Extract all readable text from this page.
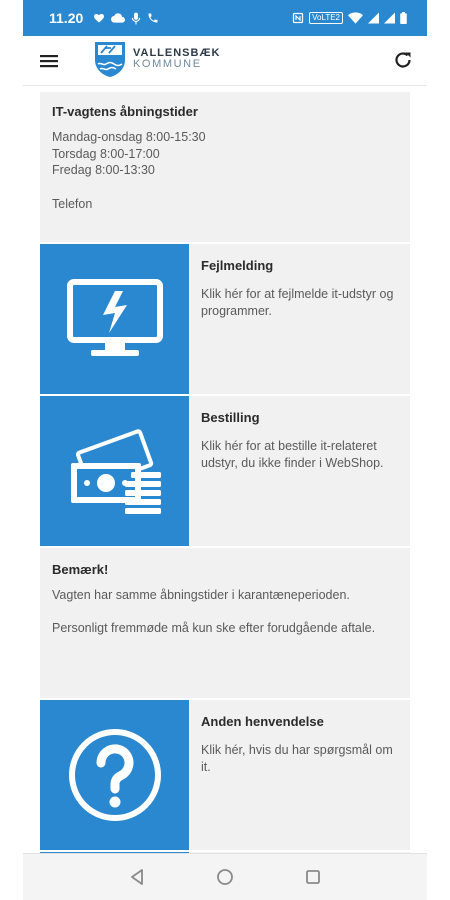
11.20	VoLTE2
VALLENSBÆK
KOMMUNE
IT-vagtens åbningstider
Mandag-onsdag 8:00-15:30
Torsdag 8:00-17:00
Fredag 8:00-13:30
Telefon
Fejlmelding

Klik hér for at fejlmelde it-udstyr og programmer.

Bestilling

Klik hér for at bestille it-relateret udstyr, du ikke finder i WebShop.

Bemærk!

Vagten har samme åbningstider i karantæneperioden.

Personligt fremmøde må kun ske efter forudgående aftale.

Anden henvendelse

Klik hér, hvis du har spørgsmål om it.
